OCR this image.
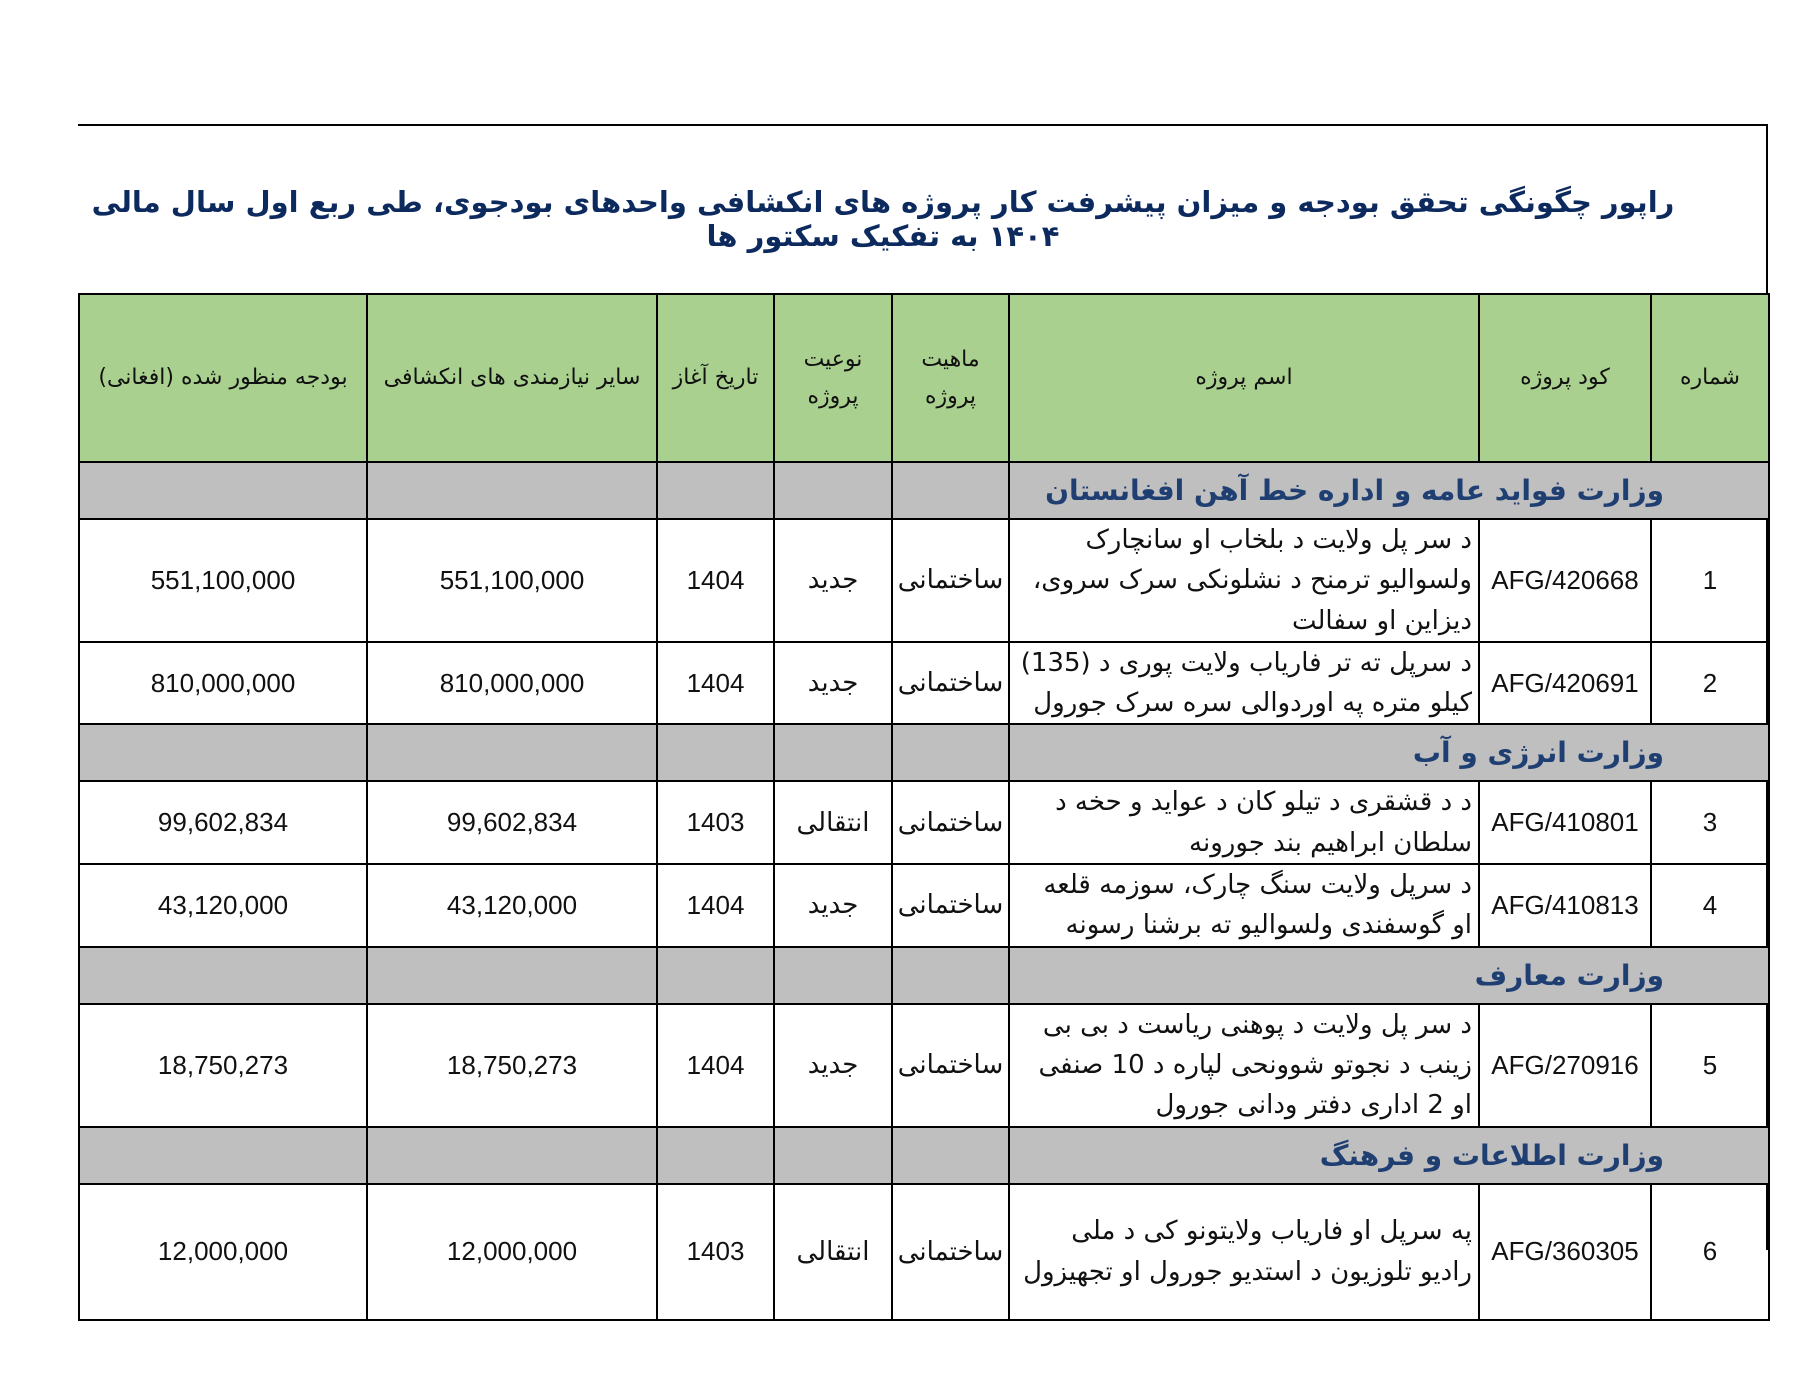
راپور چگونگی تحقق بودجه و میزان پیشرفت کار پروژه های انکشافی واحدهای بودجوی، طی ربع اول سال مالی ۱۴۰۴ به تفکیک سکتور ها
شماره	کود پروژه	اسم پروژه	ماهیت پروژه	نوعیت پروژه	تاریخ آغاز	سایر نیازمندی های انکشافی	بودجه منظور شده (افغانی)
وزارت فواید عامه و اداره خط آهن افغانستان							
1	AFG/420668	د سر پل ولایت د بلخاب او سانچارک ولسوالیو ترمنح د نشلونکی سرک سروی، دیزاین او سفالت	ساختمانی	جدید	1404	551,100,000	551,100,000
2	AFG/420691	د سرپل ته تر فاریاب ولایت پوری د (135) کیلو متره په اوردوالی سره سرک جورول	ساختمانی	جدید	1404	810,000,000	810,000,000
وزارت انرژی و آب							
3	AFG/410801	د د قشقری د تیلو کان د عواید و حخه د سلطان ابراهیم بند جورونه	ساختمانی	انتقالی	1403	99,602,834	99,602,834
4	AFG/410813	د سرپل ولایت سنگ چارک، سوزمه قلعه او گوسفندی ولسوالیو ته برشنا رسونه	ساختمانی	جدید	1404	43,120,000	43,120,000
وزارت معارف							
5	AFG/270916	د سر پل ولایت د پوهنی ریاست د بی بی زینب د نجوتو شوونحی لپاره د 10 صنفی او 2 اداری دفتر ودانی جورول	ساختمانی	جدید	1404	18,750,273	18,750,273
وزارت اطلاعات و فرهنگ							
6	AFG/360305	په سرپل او فاریاب ولایتونو کی د ملی رادیو تلوزیون د استدیو جورول او تجهیزول	ساختمانی	انتقالی	1403	12,000,000	12,000,000
